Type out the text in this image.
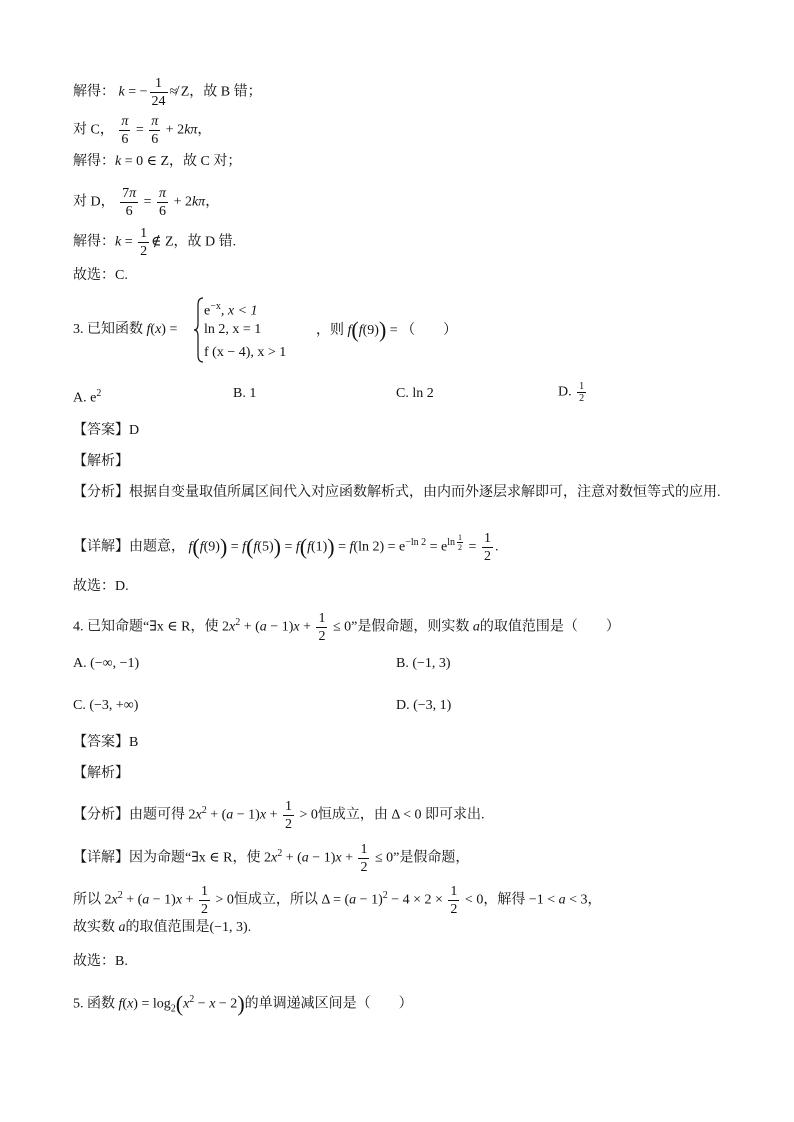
解得： k = − $\frac{1}{24}$ ≉ Z，故 B 错；
对 C， $\frac{\pi}{6} = \frac{\pi}{6} + 2k\pi$，
解得：k = 0 ∈ Z，故 C 对；
对 D， $\frac{7\pi}{6} = \frac{\pi}{6} + 2k\pi$，
解得：$k = \frac{1}{2}$ ∉ Z，故 D 错.
故选：C.
3. 已知函数 f(x) =
$e^{-x}$, x < 1
ln 2, x = 1
f (x − 4), x > 1
，则 f(f(9)) = （　　）
A. $e^2$	B. 1	C. ln 2	D. $\frac{1}{2}$
【答案】D
【解析】
【分析】根据自变量取值所属区间代入对应函数解析式，由内而外逐层求解即可，注意对数恒等式的应用.
【详解】由题意， f(f(9)) = f(f(5)) = f(f(1)) = f(ln $2) = e^{-ln 2} = e^{ln \frac{1}{2}} = \frac{1}{2}$ .
故选：D.
4. 已知命题“∃x ∈ R，使 $2x^2 + (a - 1)x + \frac{1}{2} \le 0$”是假命题，则实数 a的取值范围是（　　）
A. (−∞, −1)	B. (−1, 3)
C. (−3, +∞)	D. (−3, 1)
【答案】B
【解析】
【分析】由题可得 $2x^2 + (a - 1)x + \frac{1}{2} > 0$恒成立，由 Δ < 0 即可求出.
【详解】因为命题“∃x ∈ R，使 $2x^2 + (a - 1)x + \frac{1}{2} \le 0$”是假命题，
所以 $2x^2 + (a - 1)x + \frac{1}{2} > 0$恒成立，所以 $\Delta = (a - 1)^2 - 4 \times 2 \times \frac{1}{2} < 0$，解得 −1 < a < 3，
故实数 a的取值范围是(−1, 3).
故选：B.
5. 函数 $f(x) = \log_2(x^2 - x - 2)$的单调递减区间是（　　）
